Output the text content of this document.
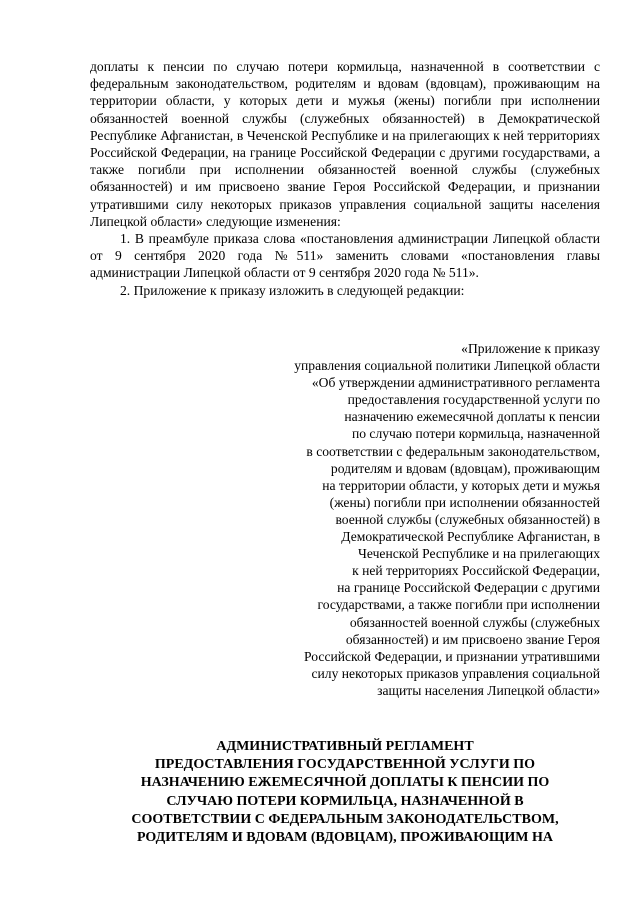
доплаты к пенсии по случаю потери кормильца, назначенной в соответствии с федеральным законодательством, родителям и вдовам (вдовцам), проживающим на территории области, у которых дети и мужья (жены) погибли при исполнении обязанностей военной службы (служебных обязанностей) в Демократической Республике Афганистан, в Чеченской Республике и на прилегающих к ней территориях Российской Федерации, на границе Российской Федерации с другими государствами, а также погибли при исполнении обязанностей военной службы (служебных обязанностей) и им присвоено звание Героя Российской Федерации, и признании утратившими силу некоторых приказов управления социальной защиты населения Липецкой области» следующие изменения:

1. В преамбуле приказа слова «постановления администрации Липецкой области от 9 сентября 2020 года №511» заменить словами «постановления главы администрации Липецкой области от 9 сентября 2020 года № 511».

2. Приложение к приказу изложить в следующей редакции:

«Приложение к приказу
управления социальной политики Липецкой области
«Об утверждении административного регламента
предоставления государственной услуги по
назначению ежемесячной доплаты к пенсии
по случаю потери кормильца, назначенной
в соответствии с федеральным законодательством,
родителям и вдовам (вдовцам), проживающим
на территории области, у которых дети и мужья
(жены) погибли при исполнении обязанностей
военной службы (служебных обязанностей) в
Демократической Республике Афганистан, в
Чеченской Республике и на прилегающих
к ней территориях Российской Федерации,
на границе Российской Федерации с другими
государствами, а также погибли при исполнении
обязанностей военной службы (служебных
обязанностей) и им присвоено звание Героя
Российской Федерации, и признании утратившими
силу некоторых приказов управления социальной
защиты населения Липецкой области»
АДМИНИСТРАТИВНЫЙ РЕГЛАМЕНТ
ПРЕДОСТАВЛЕНИЯ ГОСУДАРСТВЕННОЙ УСЛУГИ ПО
НАЗНАЧЕНИЮ ЕЖЕМЕСЯЧНОЙ ДОПЛАТЫ К ПЕНСИИ ПО
СЛУЧАЮ ПОТЕРИ КОРМИЛЬЦА, НАЗНАЧЕННОЙ В
СООТВЕТСТВИИ С ФЕДЕРАЛЬНЫМ ЗАКОНОДАТЕЛЬСТВОМ,
РОДИТЕЛЯМ И ВДОВАМ (ВДОВЦАМ), ПРОЖИВАЮЩИМ НА
